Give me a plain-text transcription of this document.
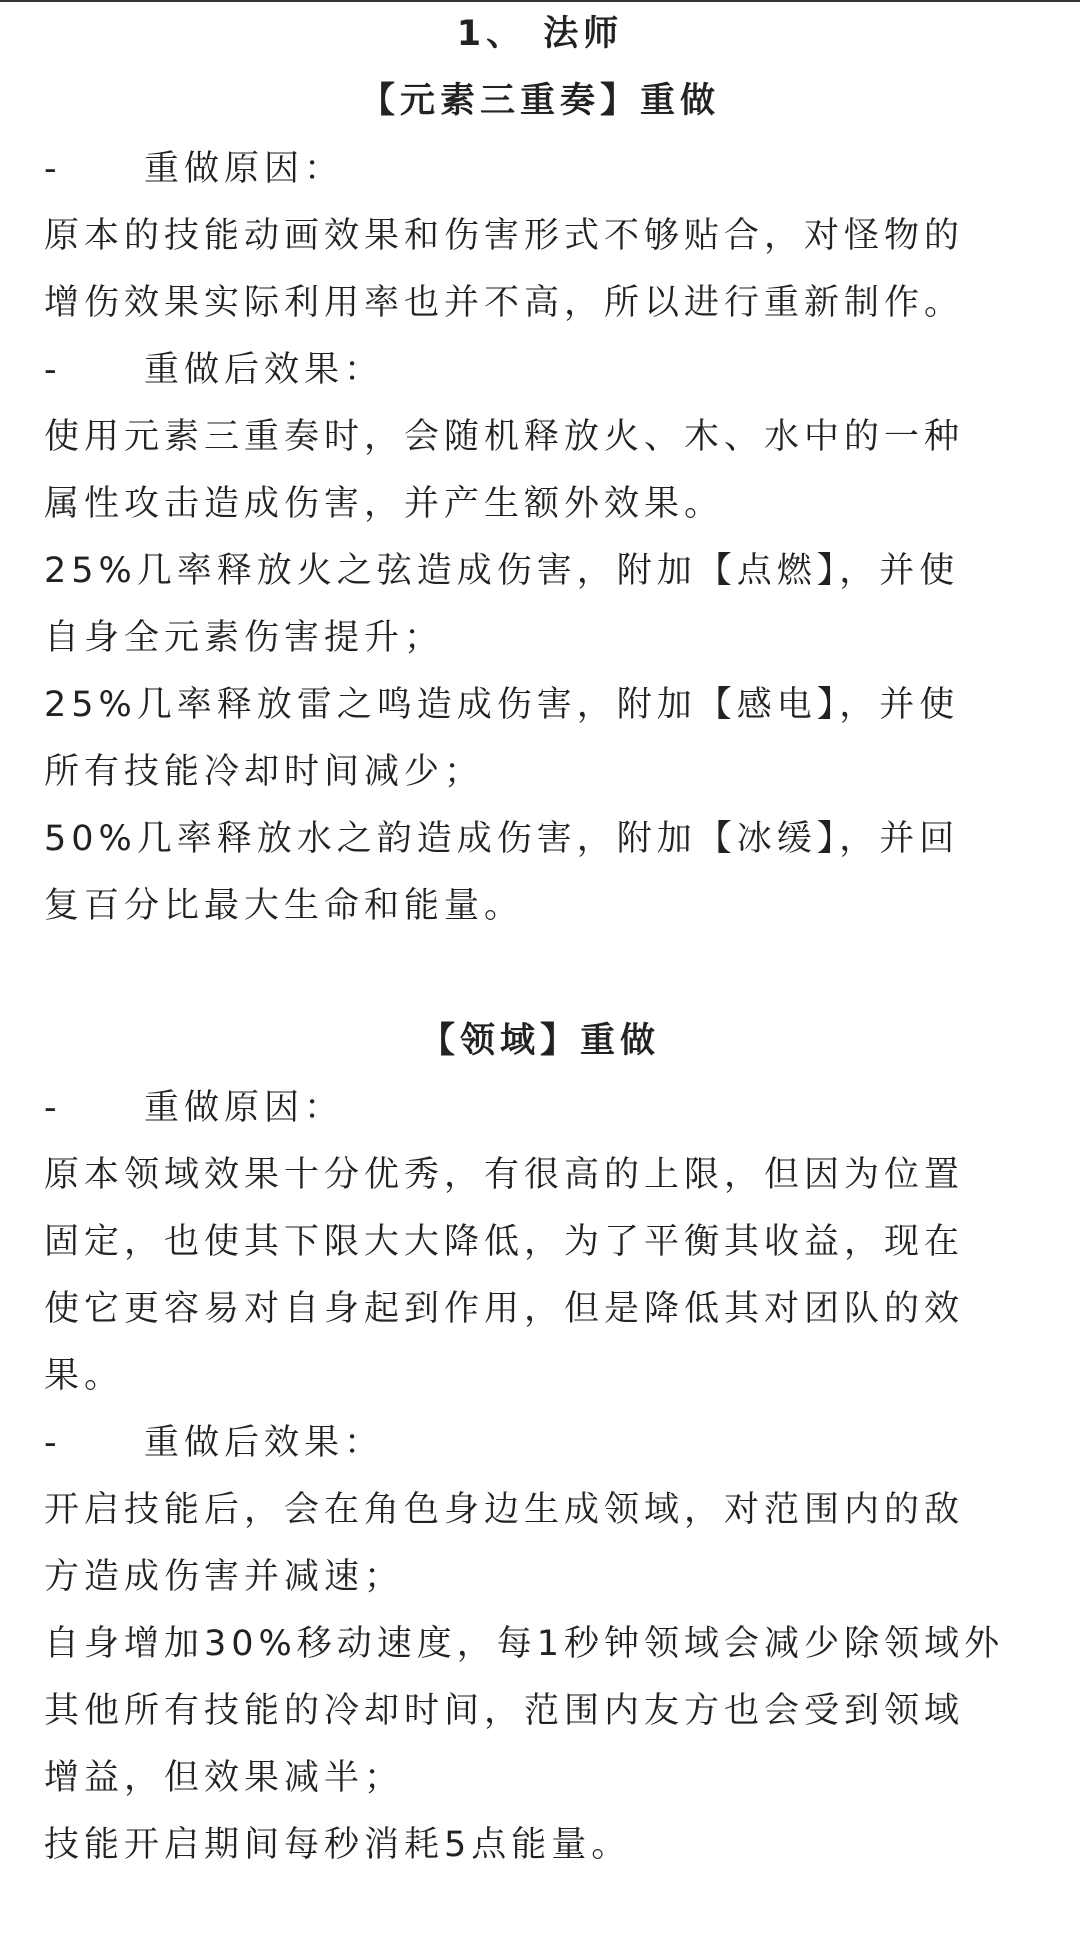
1、 法师
【元素三重奏】重做
- 重做原因：
原本的技能动画效果和伤害形式不够贴合，对怪物的
增伤效果实际利用率也并不高，所以进行重新制作。
- 重做后效果：
使用元素三重奏时，会随机释放火、木、水中的一种
属性攻击造成伤害，并产生额外效果。
25%几率释放火之弦造成伤害，附加【点燃】，并使
自身全元素伤害提升；
25%几率释放雷之鸣造成伤害，附加【感电】，并使
所有技能冷却时间减少；
50%几率释放水之韵造成伤害，附加【冰缓】，并回
复百分比最大生命和能量。
【领域】重做
- 重做原因：
原本领域效果十分优秀，有很高的上限，但因为位置
固定，也使其下限大大降低，为了平衡其收益，现在
使它更容易对自身起到作用，但是降低其对团队的效
果。
- 重做后效果：
开启技能后，会在角色身边生成领域，对范围内的敌
方造成伤害并减速；
自身增加30%移动速度，每1秒钟领域会减少除领域外
其他所有技能的冷却时间，范围内友方也会受到领域
增益，但效果减半；
技能开启期间每秒消耗5点能量。
